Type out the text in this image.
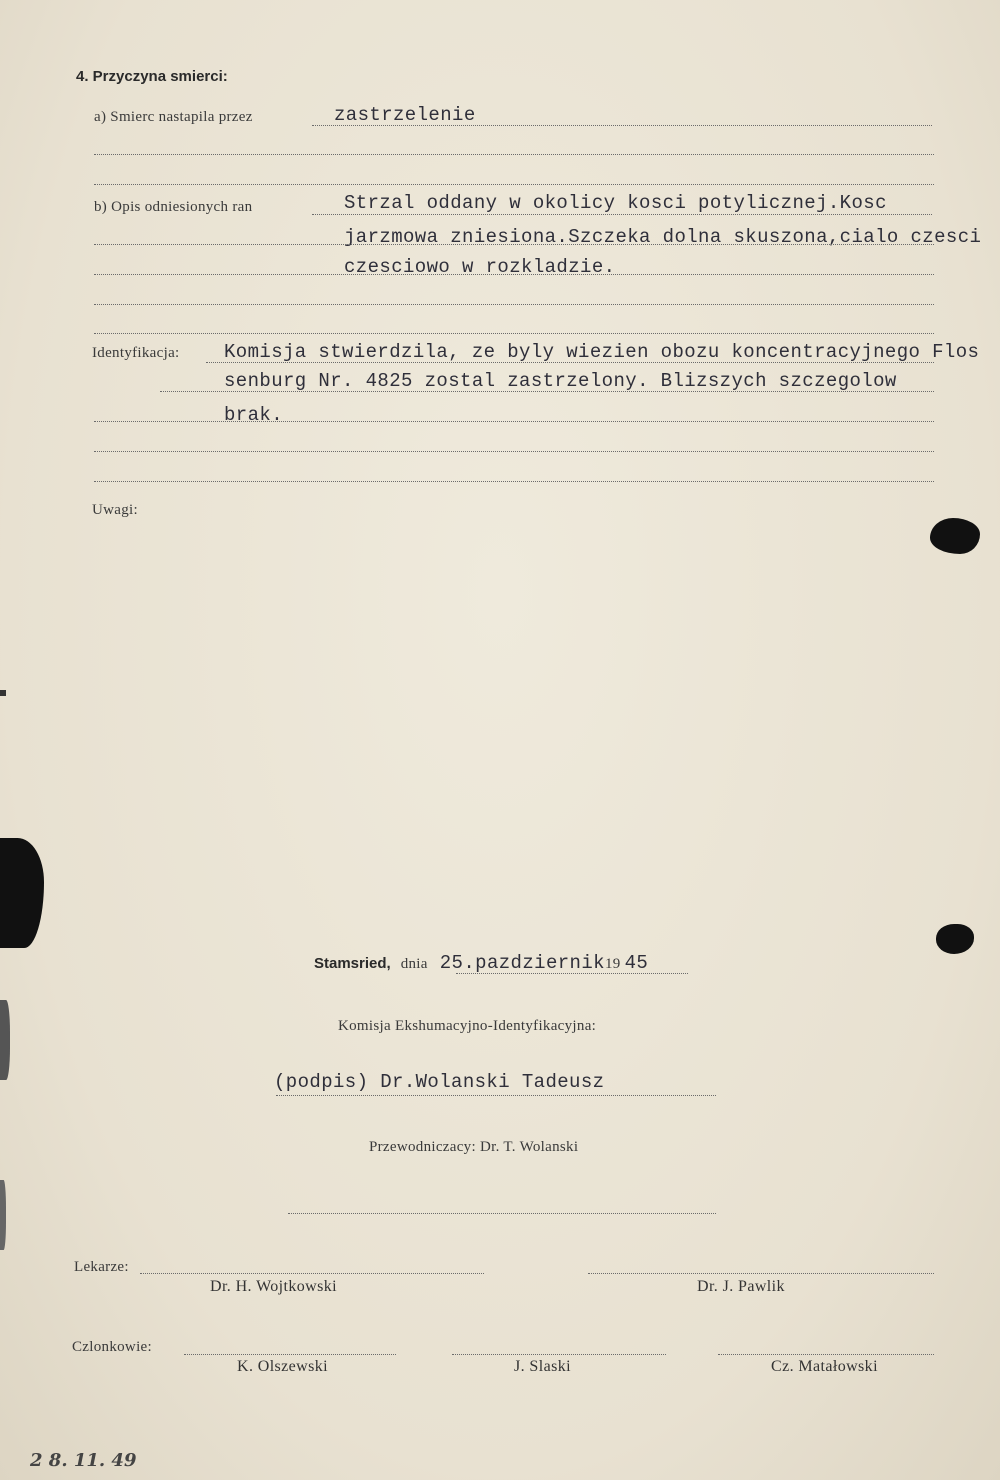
4. Przyczyna smierci:
a) Smierc nastapila przez	zastrzelenie
b) Opis odniesionych ran	Strzal oddany w okolicy kosci potylicznej.Kosc
jarzmowa zniesiona.Szczeka dolna skuszona,cialo czesci
czesciowo w rozkladzie.
Identyfikacja: Komisja stwierdzila, ze byly wiezien obozu koncentracyjnego Flos
senburg Nr. 4825 zostal zastrzelony. Blizszych szczegolow
brak.
Uwagi:
Stamsried, dnia 25.pazdziernik19 45
Komisja Ekshumacyjno-Identyfikacyjna:
(podpis) Dr.Wolanski Tadeusz
Przewodniczacy: Dr. T. Wolanski
Lekarze:
Dr. H. Wojtkowski	Dr. J. Pawlik
Czlonkowie:
K. Olszewski	J. Slaski	Cz. Matałowski
2 8. 11. 49
